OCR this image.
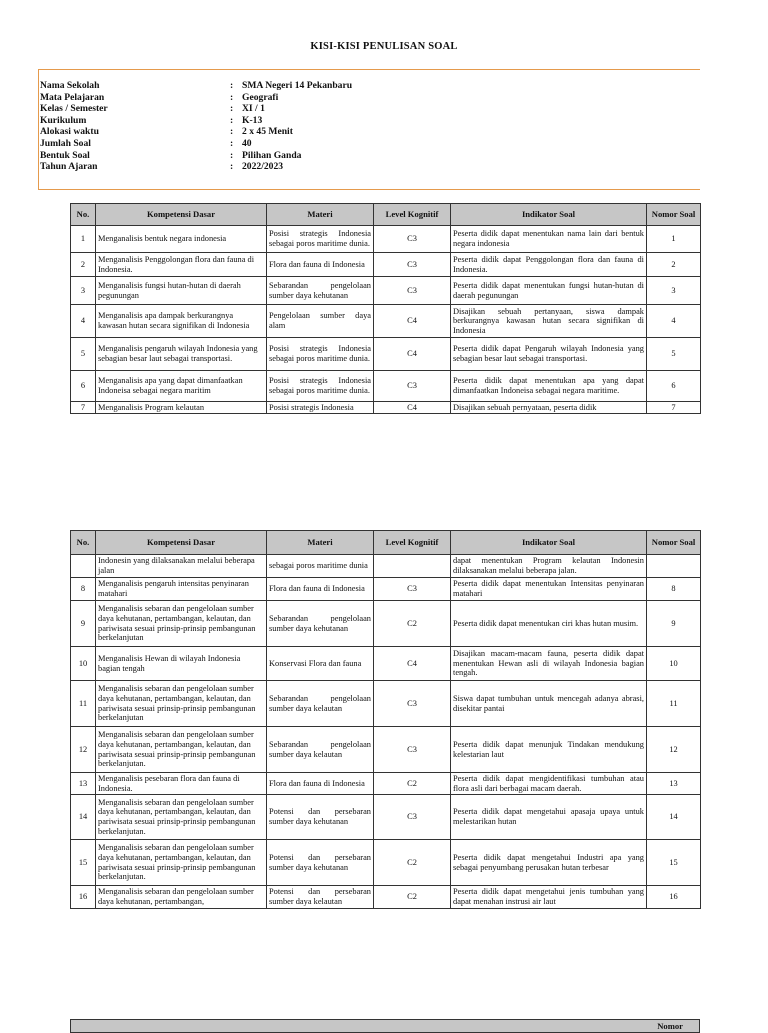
KISI-KISI PENULISAN SOAL
Nama Sekolah	: SMA Negeri 14 Pekanbaru
Mata Pelajaran	: Geografi
Kelas / Semester	: XI / 1
Kurikulum	: K-13
Alokasi waktu	: 2 x 45 Menit
Jumlah Soal	: 40
Bentuk Soal	: Pilihan Ganda
Tahun Ajaran	: 2022/2023
No.	Kompetensi Dasar	Materi	Level Kognitif	Indikator Soal	Nomor Soal
1	Menganalisis bentuk negara indonesia	Posisi strategis Indonesia sebagai poros maritime dunia.	C3	Peserta didik dapat menentukan nama lain dari bentuk negara indonesia	1
2	Menganalisis Penggolongan flora dan fauna di Indonesia.	Flora dan fauna di Indonesia	C3	Peserta didik dapat Penggolongan flora dan fauna di Indonesia.	2
3	Menganalisis fungsi hutan-hutan di daerah pegunungan	Sebarandan pengelolaan sumber daya kehutanan	C3	Peserta didik dapat menentukan fungsi hutan-hutan di daerah pegunungan	3
4	Menganalisis apa dampak berkurangnya kawasan hutan secara signifikan di Indonesia	Pengelolaan sumber daya alam	C4	Disajikan sebuah pertanyaan, siswa dampak berkurangnya kawasan hutan secara signifikan di Indonesia	4
5	Menganalisis pengaruh wilayah Indonesia yang sebagian besar laut sebagai transportasi.	Posisi strategis Indonesia sebagai poros maritime dunia.	C4	Peserta didik dapat Pengaruh wilayah Indonesia yang sebagian besar laut sebagai transportasi.	5
6	Menganalisis apa yang dapat dimanfaatkan Indoneisa sebagai negara maritim	Posisi strategis Indonesia sebagai poros maritime dunia.	C3	Peserta didik dapat menentukan apa yang dapat dimanfaatkan Indoneisa sebagai negara maritime.	6
7	Menganalisis Program kelautan	Posisi strategis Indonesia	C4	Disajikan sebuah pernyataan, peserta didik	7
No.	Kompetensi Dasar	Materi	Level Kognitif	Indikator Soal	Nomor Soal
	Indonesin yang dilaksanakan melalui beberapa jalan	sebagai poros maritime dunia		dapat menentukan Program kelautan Indonesin dilaksanakan melalui beberapa jalan.	
8	Menganalisis pengaruh intensitas penyinaran matahari	Flora dan fauna di Indonesia	C3	Peserta didik dapat menentukan Intensitas penyinaran matahari	8
9	Menganalisis sebaran dan pengelolaan sumber daya kehutanan, pertambangan, kelautan, dan pariwisata sesuai prinsip-prinsip pembangunan berkelanjutan	Sebarandan pengelolaan sumber daya kehutanan	C2	Peserta didik dapat menentukan ciri khas hutan musim.	9
10	Menganalisis Hewan di wilayah Indonesia bagian tengah	Konservasi Flora dan fauna	C4	Disajikan macam-macam fauna, peserta didik dapat menentukan Hewan asli di wilayah Indonesia bagian tengah.	10
11	Menganalisis sebaran dan pengelolaan sumber daya kehutanan, pertambangan, kelautan, dan pariwisata sesuai prinsip-prinsip pembangunan berkelanjutan	Sebarandan pengelolaan sumber daya kelautan	C3	Siswa dapat tumbuhan untuk mencegah adanya abrasi, disekitar pantai	11
12	Menganalisis sebaran dan pengelolaan sumber daya kehutanan, pertambangan, kelautan, dan pariwisata sesuai prinsip-prinsip pembangunan berkelanjutan.	Sebarandan pengelolaan sumber daya kelautan	C3	Peserta didik dapat menunjuk Tindakan mendukung kelestarian laut	12
13	Menganalisis pesebaran flora dan fauna di Indonesia.	Flora dan fauna di Indonesia	C2	Peserta didik dapat mengidentifikasi tumbuhan atau flora asli dari berbagai macam daerah.	13
14	Menganalisis sebaran dan pengelolaan sumber daya kehutanan, pertambangan, kelautan, dan pariwisata sesuai prinsip-prinsip pembangunan berkelanjutan.	Potensi dan persebaran sumber daya kehutanan	C3	Peserta didik dapat mengetahui apasaja upaya untuk melestarikan hutan	14
15	Menganalisis sebaran dan pengelolaan sumber daya kehutanan, pertambangan, kelautan, dan pariwisata sesuai prinsip-prinsip pembangunan berkelanjutan.	Potensi dan persebaran sumber daya kehutanan	C2	Peserta didik dapat mengetahui Industri apa yang sebagai penyumbang perusakan hutan terbesar	15
16	Menganalisis sebaran dan pengelolaan sumber daya kehutanan, pertambangan,	Potensi dan persebaran sumber daya kelautan	C2	Peserta didik dapat mengetahui jenis tumbuhan yang dapat menahan instrusi air laut	16
Nomor
